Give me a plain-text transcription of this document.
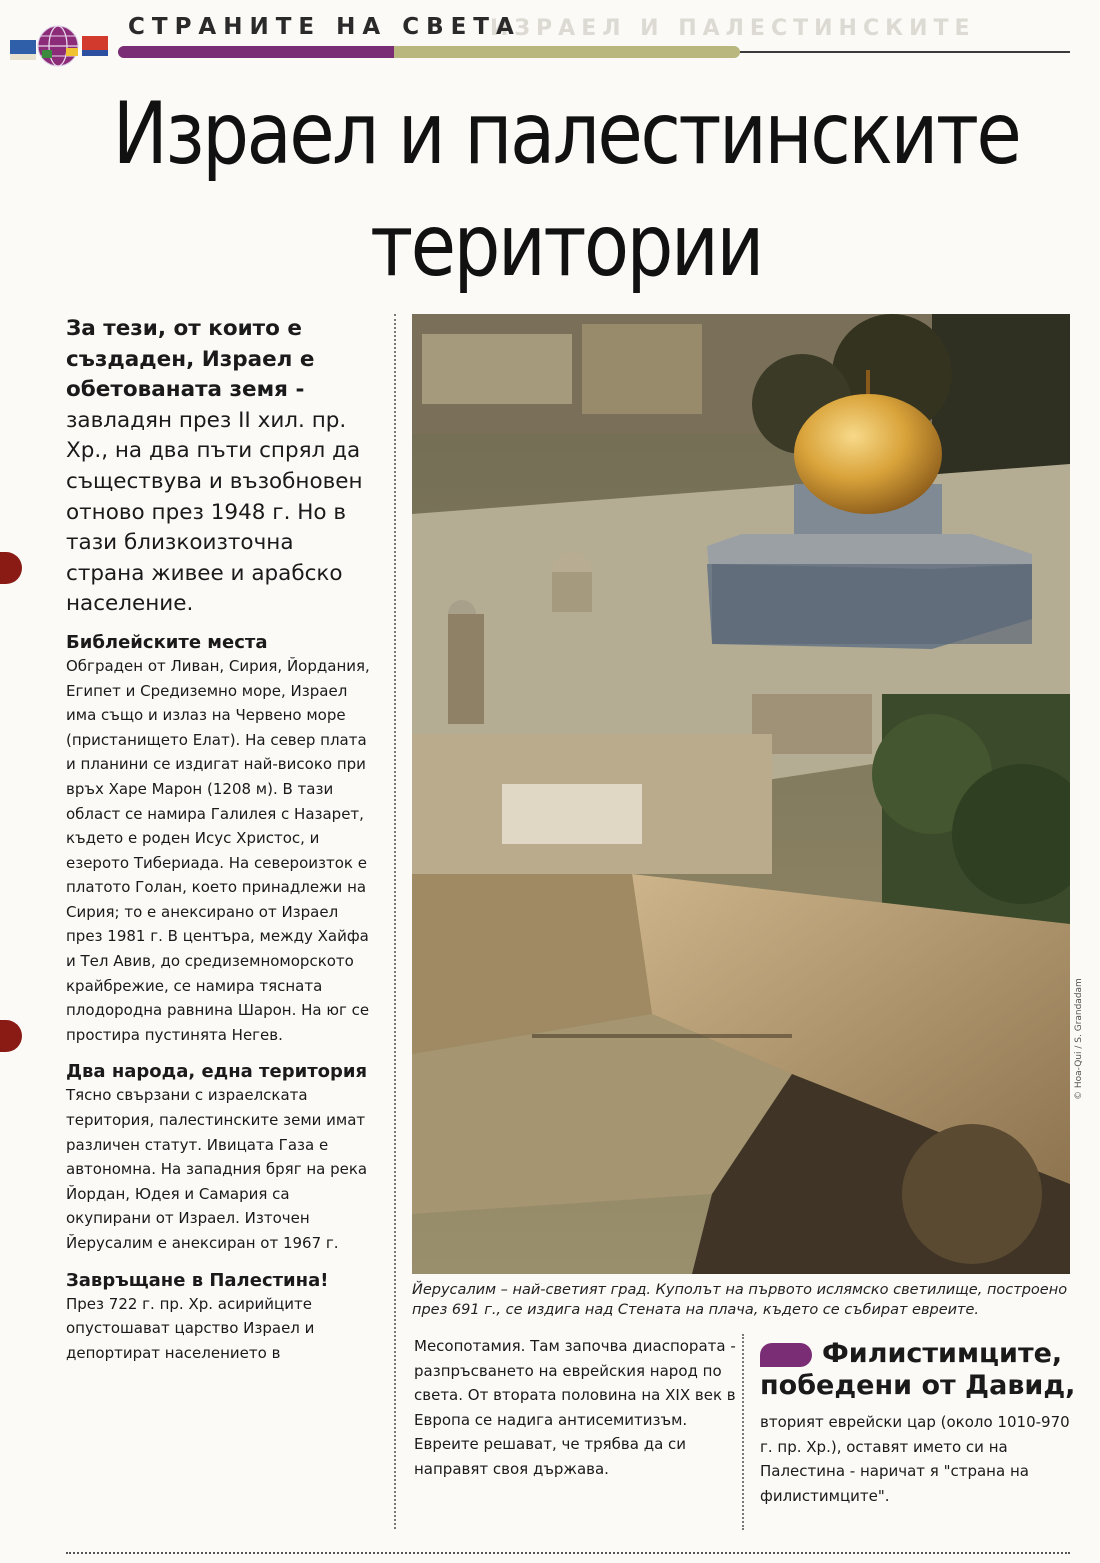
ИЗРАЕЛ И ПАЛЕСТИНСКИТЕ
СТРАНИТЕ НА СВЕТА
Израел и палестинските територии

За тези, от които е създаден, Израел е обетованата земя - завладян през II хил. пр. Хр., на два пъти спрял да съществува и възобновен отново през 1948 г. Но в тази близкоизточна страна живее и арабско население.

Библейските места

Обграден от Ливан, Сирия, Йордания, Египет и Средиземно море, Израел има също и излаз на Червено море (пристанището Елат). На север плата и планини се издигат най-високо при връх Харе Марон (1208 м). В тази област се намира Галилея с Назарет, където е роден Исус Христос, и езерото Тибериада. На североизток е платото Голан, което принадлежи на Сирия; то е анексирано от Израел през 1981 г. В центъра, между Хайфа и Тел Авив, до средиземноморското крайбрежие, се намира тясната плодородна равнина Шарон. На юг се простира пустинята Негев.

Два народа, една територия

Тясно свързани с израелската територия, палестинските земи имат различен статут. Ивицата Газа е автономна. На западния бряг на река Йордан, Юдея и Самария са окупирани от Израел. Източен Йерусалим е анексиран от 1967 г.

Завръщане в Палестина!

През 722 г. пр. Хр. асирийците опустошават царство Израел и депортират населението в

© Hoa-Qui / S. Grandadam
Йерусалим – най-светият град. Куполът на първото ислямско светилище, построено през 691 г., се издига над Стената на плача, където се събират евреите.
Месопотамия. Там започва диаспората - разпръсването на еврейския народ по света. От втората половина на XIX век в Европа се надига антисемитизъм. Евреите решават, че трябва да си направят своя държава.
Филистимците, победени от Давид,
вторият еврейски цар (около 1010-970 г. пр. Хр.), оставят името си на Палестина - наричат я "страна на филистимците".
